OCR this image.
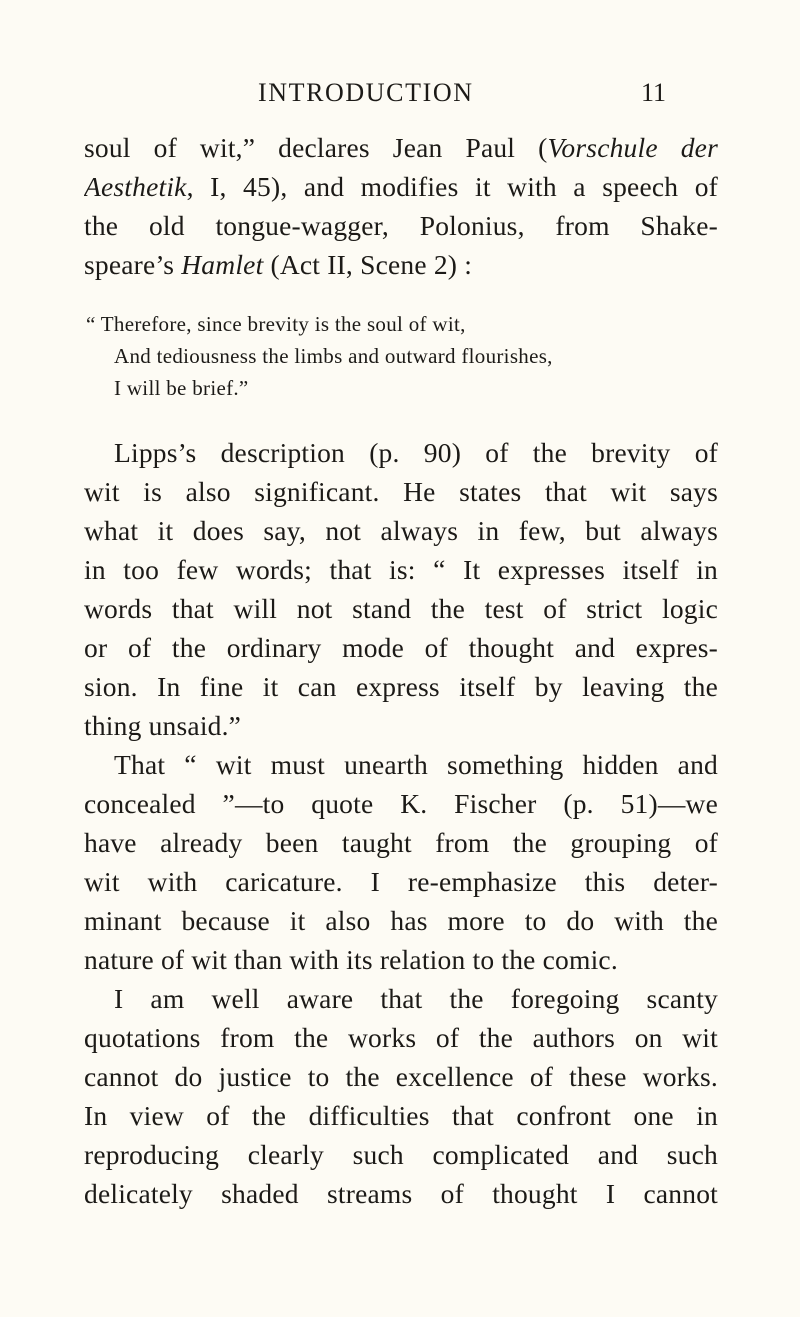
INTRODUCTION	11
soul of wit,” declares Jean Paul (Vorschule der
Aesthetik, I, 45), and modifies it with a speech of
the old tongue-wagger, Polonius, from Shake-
speare’s Hamlet (Act II, Scene 2) :
“ Therefore, since brevity is the soul of wit,
And tediousness the limbs and outward flourishes,
I will be brief.”
Lipps’s description (p. 90) of the brevity of
wit is also significant. He states that wit says
what it does say, not always in few, but always
in too few words; that is: “ It expresses itself in
words that will not stand the test of strict logic
or of the ordinary mode of thought and expres-
sion. In fine it can express itself by leaving the
thing unsaid.”
That “ wit must unearth something hidden and
concealed ”—to quote K. Fischer (p. 51)—we
have already been taught from the grouping of
wit with caricature. I re-emphasize this deter-
minant because it also has more to do with the
nature of wit than with its relation to the comic.
I am well aware that the foregoing scanty
quotations from the works of the authors on wit
cannot do justice to the excellence of these works.
In view of the difficulties that confront one in
reproducing clearly such complicated and such
delicately shaded streams of thought I cannot
